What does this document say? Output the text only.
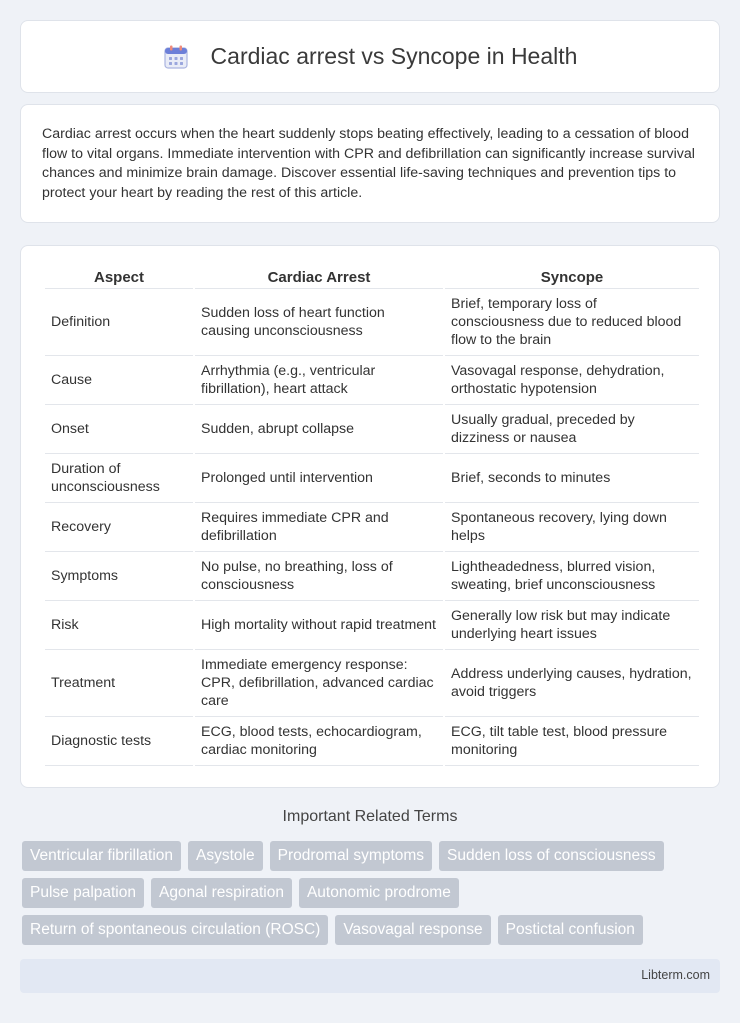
Cardiac arrest vs Syncope in Health

Cardiac arrest occurs when the heart suddenly stops beating effectively, leading to a cessation of blood flow to vital organs. Immediate intervention with CPR and defibrillation can significantly increase survival chances and minimize brain damage. Discover essential life-saving techniques and prevention tips to protect your heart by reading the rest of this article.

Aspect	Cardiac Arrest	Syncope
Definition	Sudden loss of heart function causing unconsciousness	Brief, temporary loss of consciousness due to reduced blood flow to the brain
Cause	Arrhythmia (e.g., ventricular fibrillation), heart attack	Vasovagal response, dehydration, orthostatic hypotension
Onset	Sudden, abrupt collapse	Usually gradual, preceded by dizziness or nausea
Duration of unconsciousness	Prolonged until intervention	Brief, seconds to minutes
Recovery	Requires immediate CPR and defibrillation	Spontaneous recovery, lying down helps
Symptoms	No pulse, no breathing, loss of consciousness	Lightheadedness, blurred vision, sweating, brief unconsciousness
Risk	High mortality without rapid treatment	Generally low risk but may indicate underlying heart issues
Treatment	Immediate emergency response: CPR, defibrillation, advanced cardiac care	Address underlying causes, hydration, avoid triggers
Diagnostic tests	ECG, blood tests, echocardiogram, cardiac monitoring	ECG, tilt table test, blood pressure monitoring
Important Related Terms
Ventricular fibrillation	Asystole	Prodromal symptoms	Sudden loss of consciousness
Pulse palpation	Agonal respiration	Autonomic prodrome
Return of spontaneous circulation (ROSC)	Vasovagal response	Postictal confusion
Libterm.com
